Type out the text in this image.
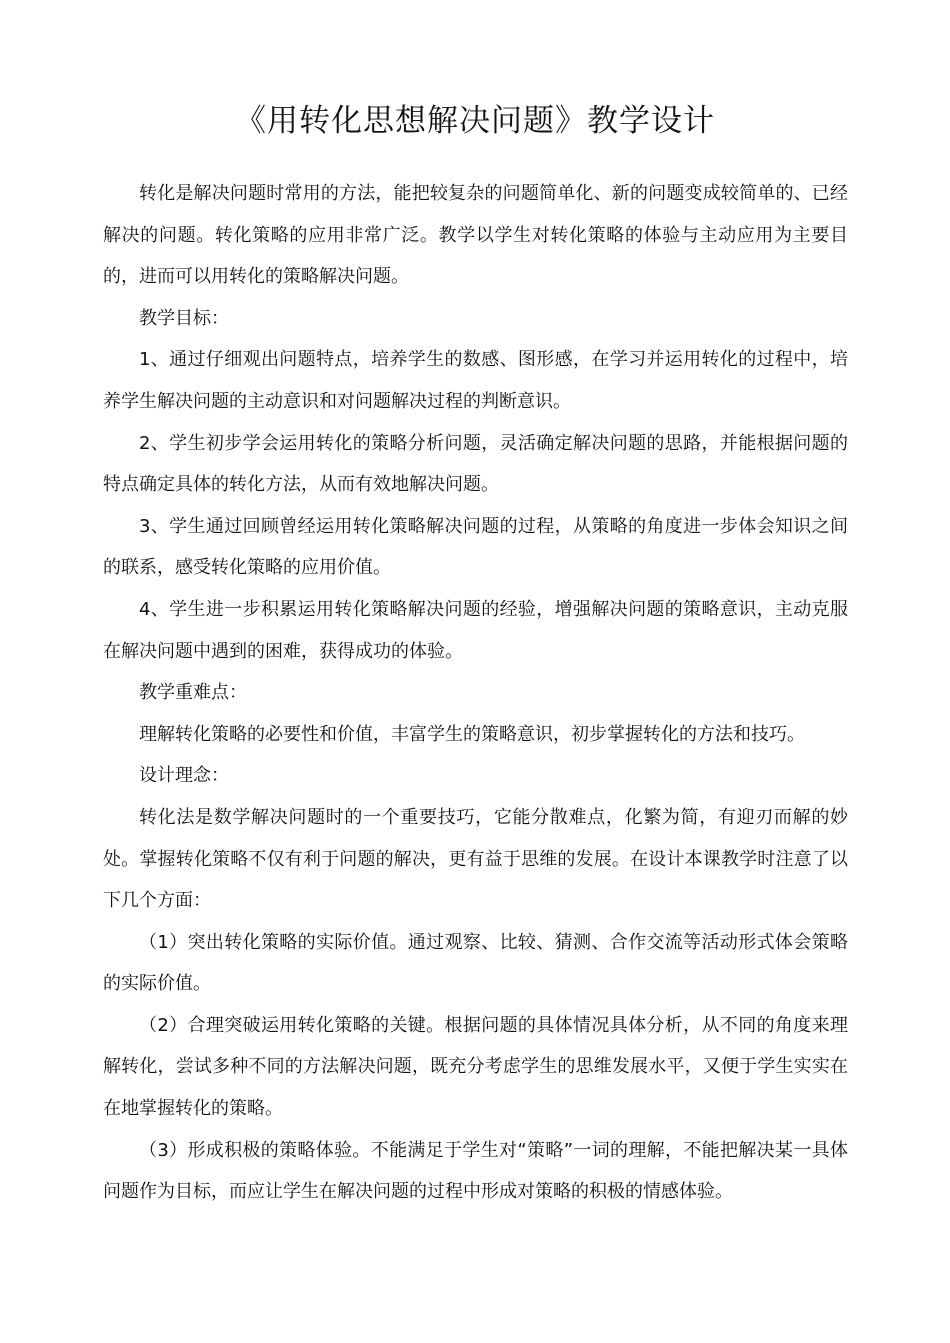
《用转化思想解决问题》教学设计

转化是解决问题时常用的方法，能把较复杂的问题简单化、新的问题变成较简单的、已经解决的问题。转化策略的应用非常广泛。教学以学生对转化策略的体验与主动应用为主要目的，进而可以用转化的策略解决问题。

教学目标：

1、通过仔细观出问题特点，培养学生的数感、图形感，在学习并运用转化的过程中，培养学生解决问题的主动意识和对问题解决过程的判断意识。

2、学生初步学会运用转化的策略分析问题，灵活确定解决问题的思路，并能根据问题的特点确定具体的转化方法，从而有效地解决问题。

3、学生通过回顾曾经运用转化策略解决问题的过程，从策略的角度进一步体会知识之间的联系，感受转化策略的应用价值。

4、学生进一步积累运用转化策略解决问题的经验，增强解决问题的策略意识，主动克服在解决问题中遇到的困难，获得成功的体验。

教学重难点：

理解转化策略的必要性和价值，丰富学生的策略意识，初步掌握转化的方法和技巧。

设计理念：

转化法是数学解决问题时的一个重要技巧，它能分散难点，化繁为简，有迎刃而解的妙处。掌握转化策略不仅有利于问题的解决，更有益于思维的发展。在设计本课教学时注意了以下几个方面：

（1）突出转化策略的实际价值。通过观察、比较、猜测、合作交流等活动形式体会策略的实际价值。

（2）合理突破运用转化策略的关键。根据问题的具体情况具体分析，从不同的角度来理解转化，尝试多种不同的方法解决问题，既充分考虑学生的思维发展水平，又便于学生实实在在地掌握转化的策略。

（3）形成积极的策略体验。不能满足于学生对“策略”一词的理解，不能把解决某一具体问题作为目标，而应让学生在解决问题的过程中形成对策略的积极的情感体验。
